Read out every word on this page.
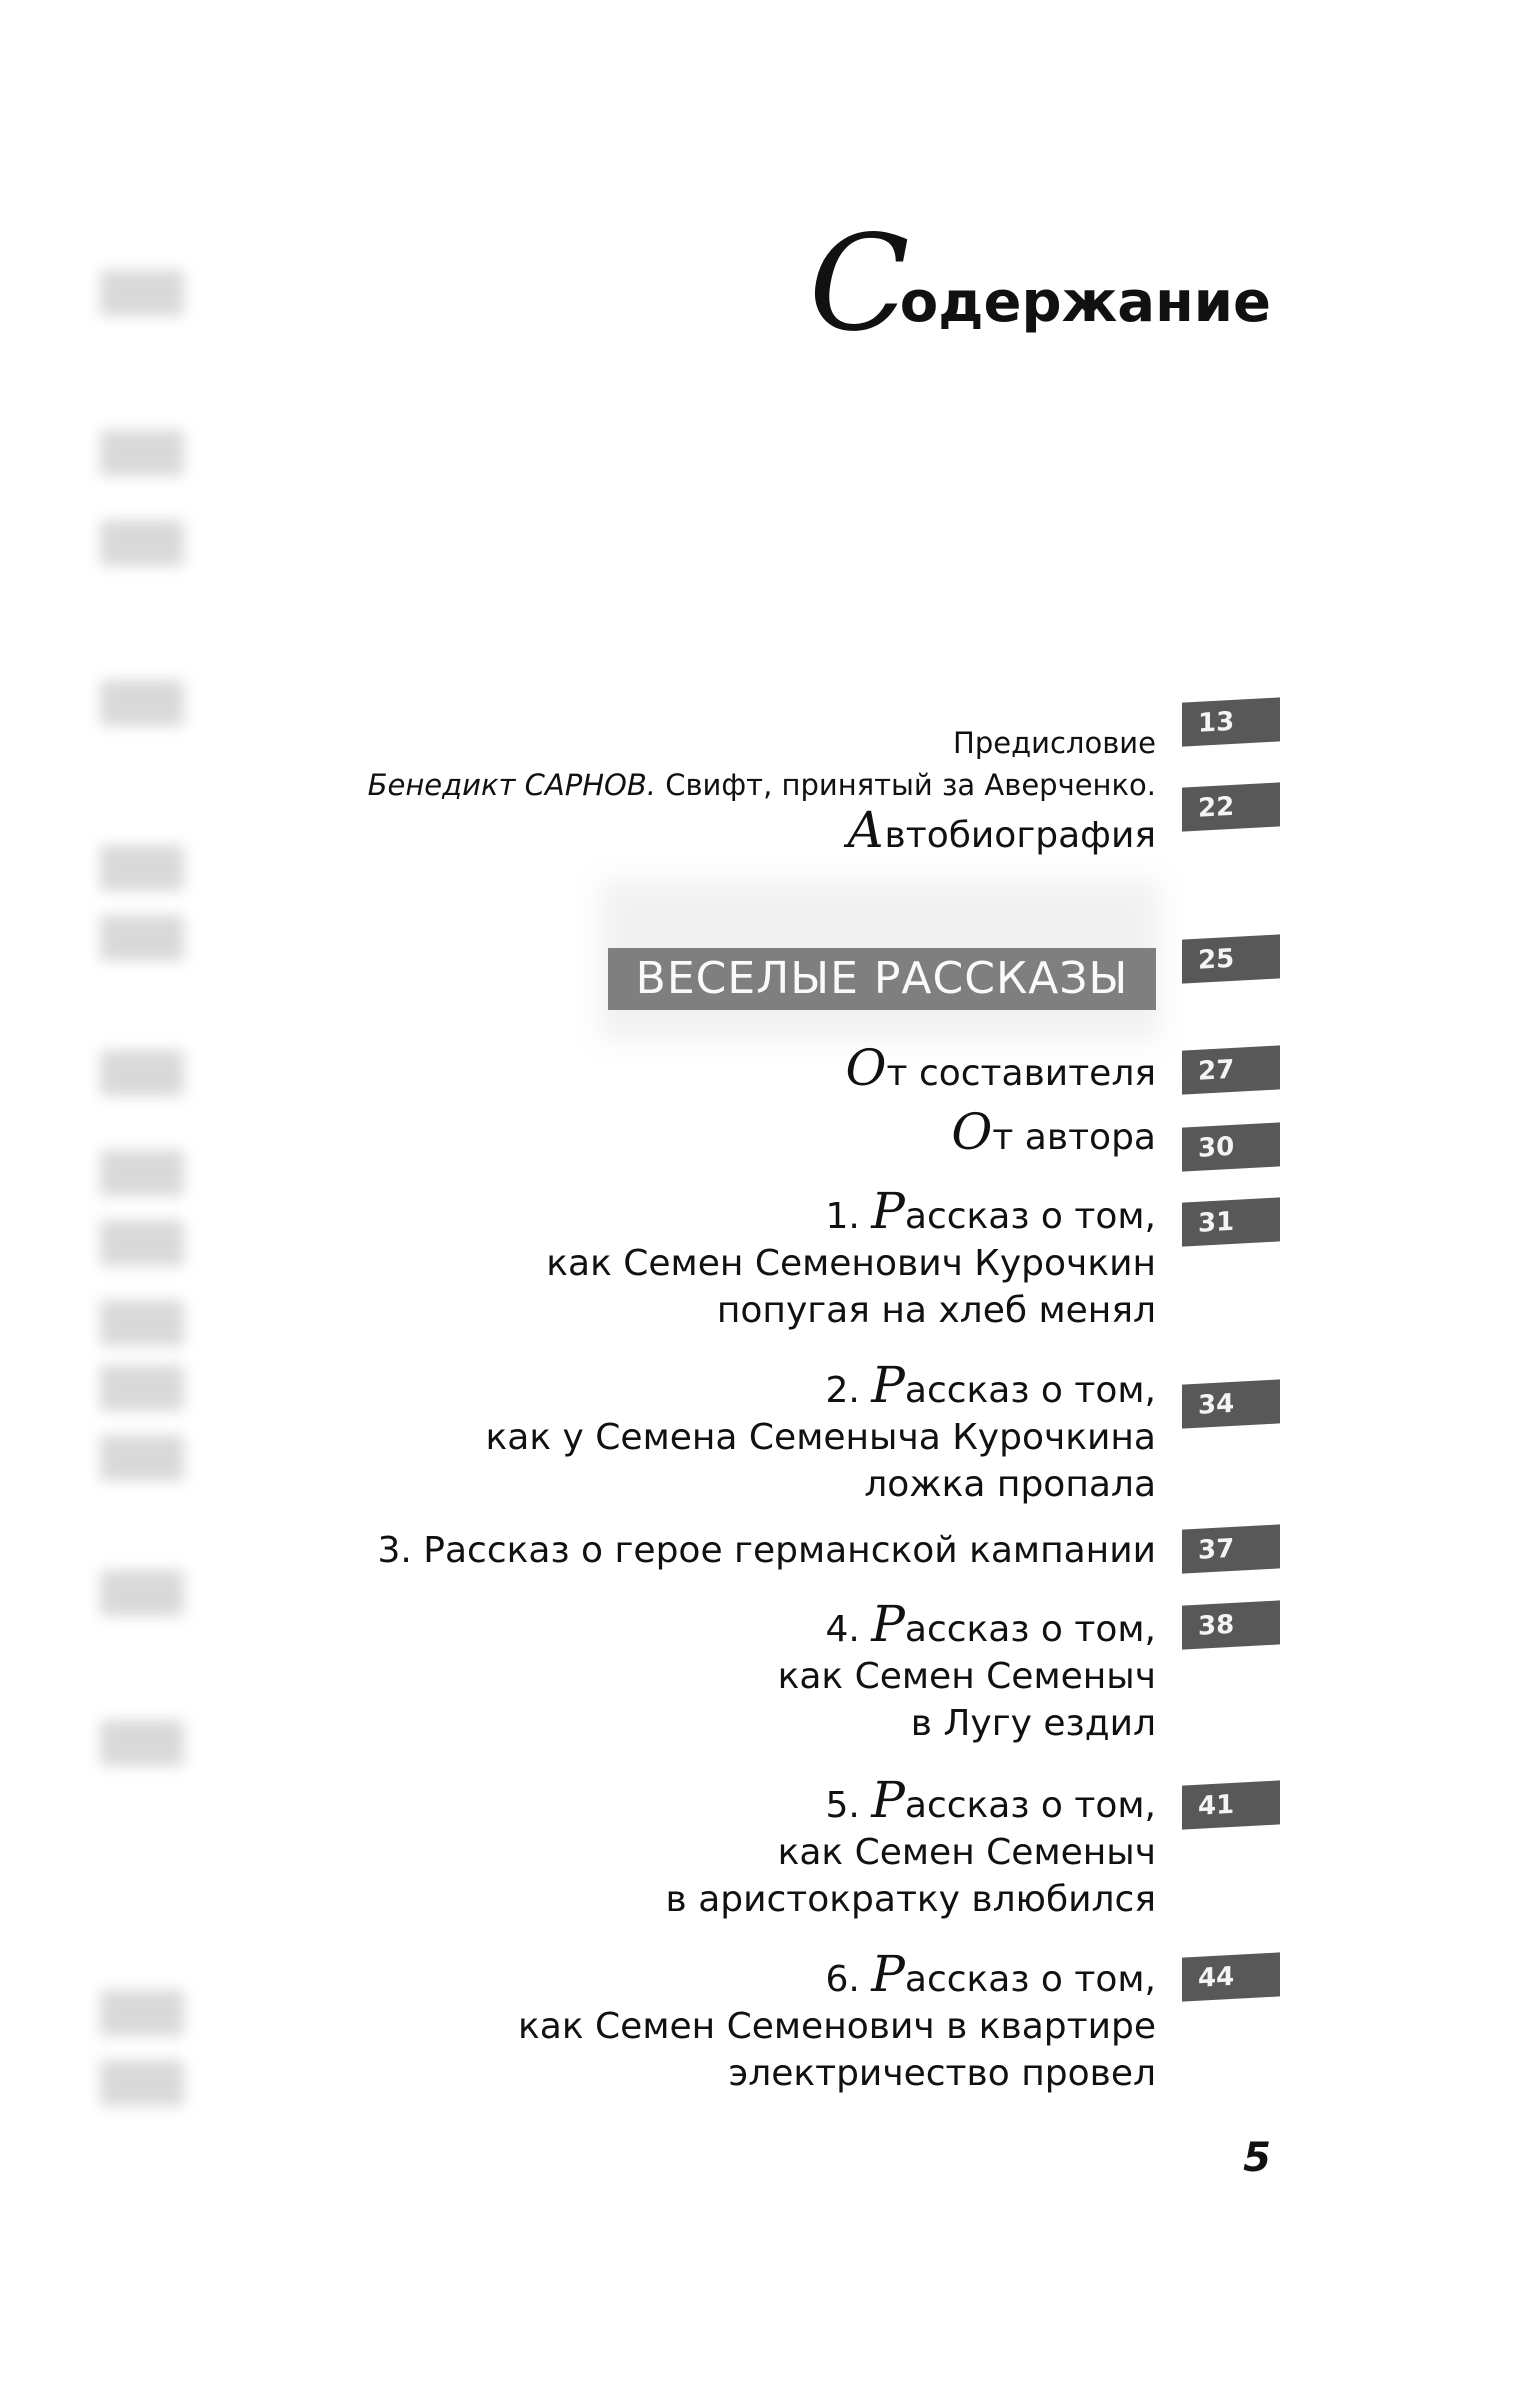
Содержание
13
Предисловие
22
Бенедикт САРНОВ. Свифт, принятый за Аверченко.
Автобиография
25
ВЕСЕЛЫЕ РАССКАЗЫ
27
От составителя
30
От автора
31
1. Рассказ о том,
как Семен Семенович Курочкин
попугая на хлеб менял
34
2. Рассказ о том,
как у Семена Семеныча Курочкина
ложка пропала
37
3. Рассказ о герое германской кампании
38
4. Рассказ о том,
как Семен Семеныч
в Лугу ездил
41
5. Рассказ о том,
как Семен Семеныч
в аристократку влюбился
44
6. Рассказ о том,
как Семен Семенович в квартире
электричество провел
5
